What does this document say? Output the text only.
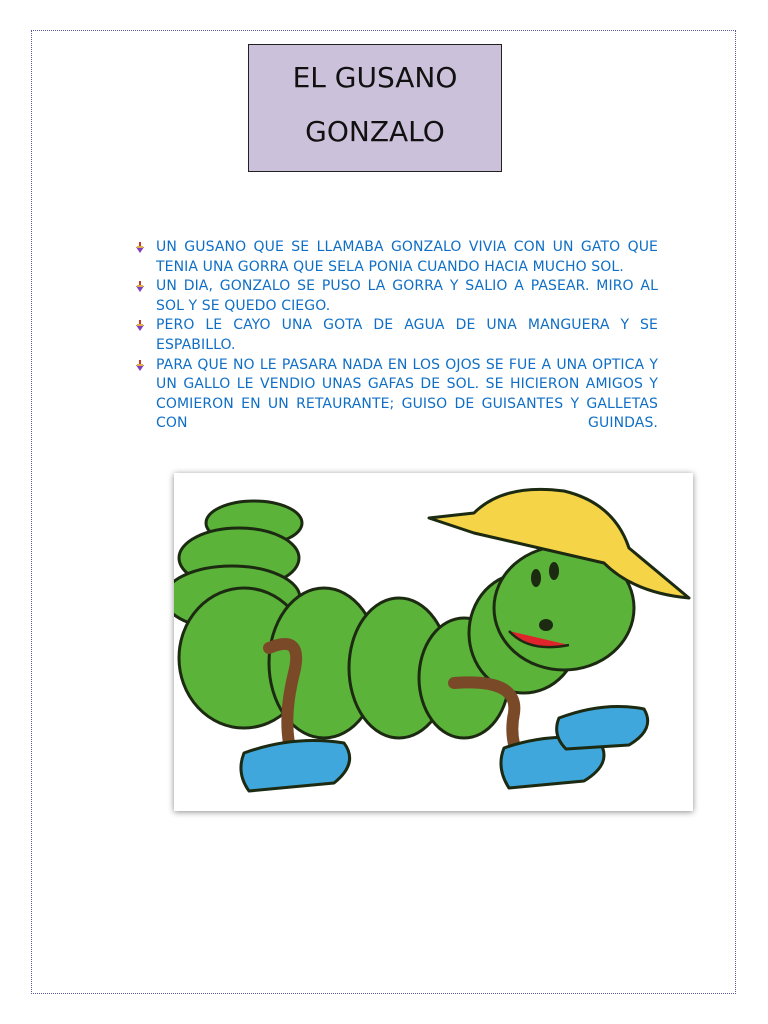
EL GUSANO
GONZALO
UN GUSANO QUE SE LLAMABA GONZALO VIVIA CON UN GATO QUE TENIA UNA GORRA QUE SELA PONIA CUANDO HACIA MUCHO SOL.
UN DIA, GONZALO SE PUSO LA GORRA Y SALIO A PASEAR. MIRO AL SOL Y SE QUEDO CIEGO.
PERO LE CAYO UNA GOTA DE AGUA DE UNA MANGUERA Y SE ESPABILLO.
PARA QUE NO LE PASARA NADA EN LOS OJOS SE FUE A UNA OPTICA Y UN GALLO LE VENDIO UNAS GAFAS DE SOL. SE HICIERON AMIGOS Y COMIERON EN UN RETAURANTE; GUISO DE GUISANTES Y GALLETAS CON GUINDAS.
